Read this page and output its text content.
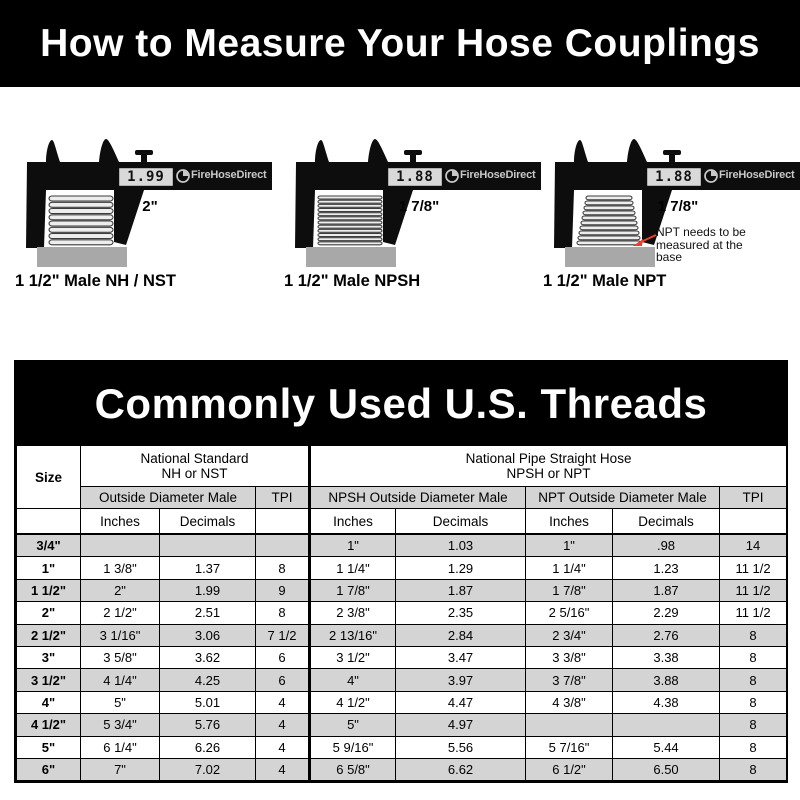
How to Measure Your Hose Couplings
1.99	FireHoseDirect
2"
1 1/2" Male NH / NST
1.88	FireHoseDirect
1 7/8"
1 1/2" Male NPSH
1.88	FireHoseDirect
1 7/8"
NPT needs to be measured at the base
1 1/2" Male NPT
Commonly Used U.S. Threads
Size	
National Standard
NH or NST

National Pipe Straight Hose
NPSH or NPT

	Outside Diameter Male		TPI	NPSH Outside Diameter Male		NPT Outside Diameter Male		TPI
	Inches	Decimals		Inches	Decimals	Inches	Decimals	
3/4"				1"	1.03	1"	.98	14
1"	1 3/8"	1.37	8	1 1/4"	1.29	1 1/4"	1.23	11 1/2
1 1/2"	2"	1.99	9	1 7/8"	1.87	1 7/8"	1.87	11 1/2
2"	2 1/2"	2.51	8	2 3/8"	2.35	2 5/16"	2.29	11 1/2
2 1/2"	3 1/16"	3.06	7 1/2	2 13/16"	2.84	2 3/4"	2.76	8
3"	3 5/8"	3.62	6	3 1/2"	3.47	3 3/8"	3.38	8
3 1/2"	4 1/4"	4.25	6	4"	3.97	3 7/8"	3.88	8
4"	5"	5.01	4	4 1/2"	4.47	4 3/8"	4.38	8
4 1/2"	5 3/4"	5.76	4	5"	4.97			8
5"	6 1/4"	6.26	4	5 9/16"	5.56	5 7/16"	5.44	8
6"	7"	7.02	4	6 5/8"	6.62	6 1/2"	6.50	8
